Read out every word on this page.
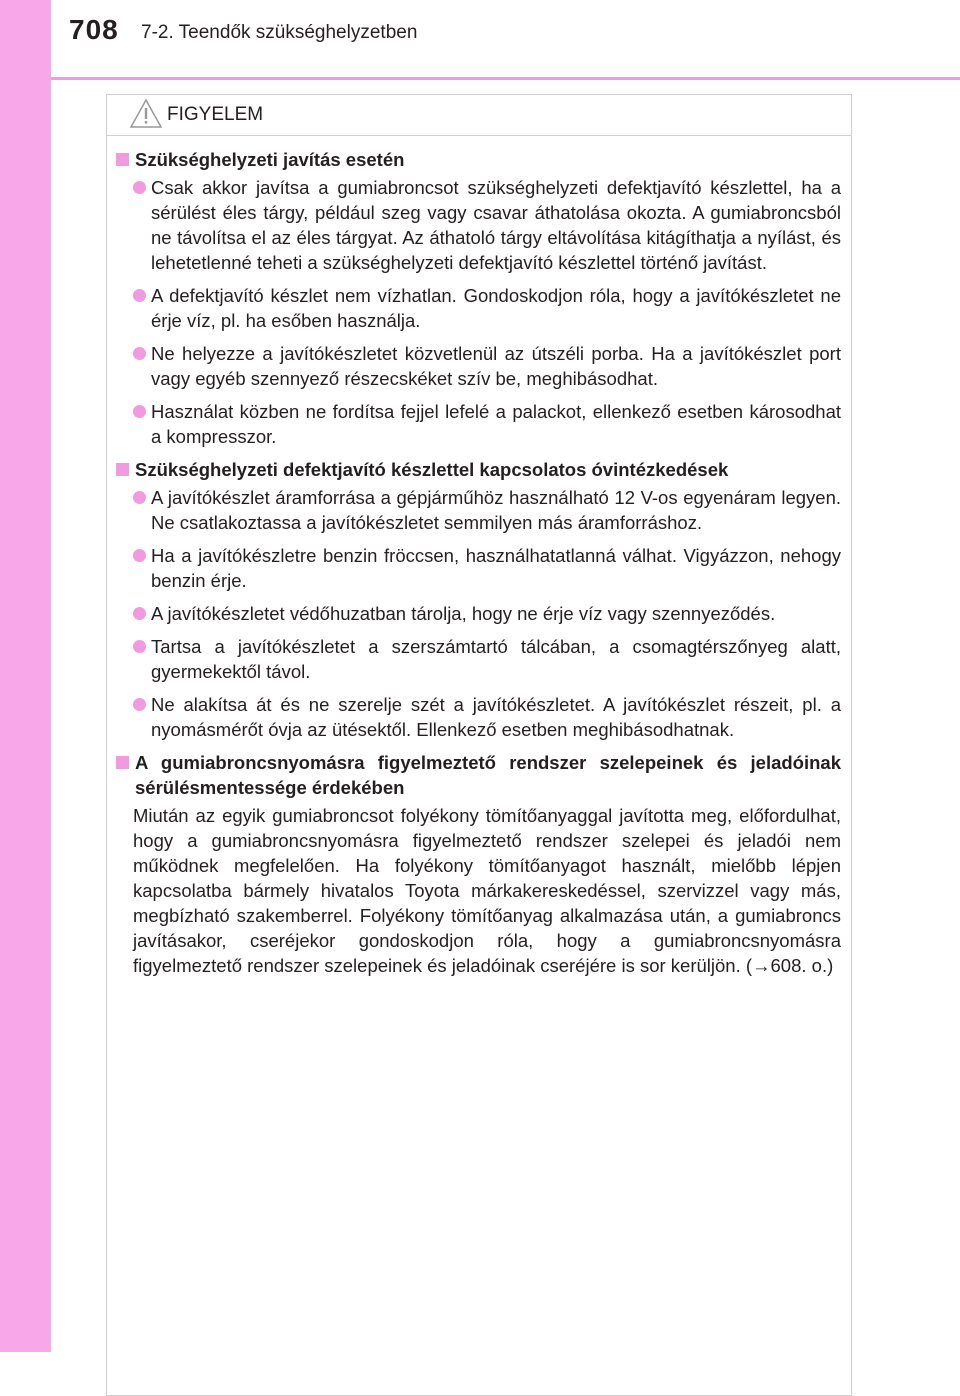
708 7-2. Teendők szükséghelyzetben
FIGYELEM
Szükséghelyzeti javítás esetén
Csak akkor javítsa a gumiabroncsot szükséghelyzeti defektjavító készlettel, ha a sérülést éles tárgy, például szeg vagy csavar áthatolása okozta. A gumiabroncsból ne távolítsa el az éles tárgyat. Az áthatoló tárgy eltávolítása kitágíthatja a nyílást, és lehetetlenné teheti a szükséghelyzeti defektjavító készlettel történő javítást.
A defektjavító készlet nem vízhatlan. Gondoskodjon róla, hogy a javítókészletet ne érje víz, pl. ha esőben használja.
Ne helyezze a javítókészletet közvetlenül az útszéli porba. Ha a javítókészlet port vagy egyéb szennyező részecskéket szív be, meghibásodhat.
Használat közben ne fordítsa fejjel lefelé a palackot, ellenkező esetben károsodhat a kompresszor.
Szükséghelyzeti defektjavító készlettel kapcsolatos óvintézkedések
A javítókészlet áramforrása a gépjárműhöz használható 12 V-os egyenáram legyen. Ne csatlakoztassa a javítókészletet semmilyen más áramforráshoz.
Ha a javítókészletre benzin fröccsen, használhatatlanná válhat. Vigyázzon, nehogy benzin érje.
A javítókészletet védőhuzatban tárolja, hogy ne érje víz vagy szennyeződés.
Tartsa a javítókészletet a szerszámtartó tálcában, a csomagtérszőnyeg alatt, gyermekektől távol.
Ne alakítsa át és ne szerelje szét a javítókészletet. A javítókészlet részeit, pl. a nyomásmérőt óvja az ütésektől. Ellenkező esetben meghibásodhatnak.
A gumiabroncsnyomásra figyelmeztető rendszer szelepeinek és jeladóinak sérülésmentessége érdekében
Miután az egyik gumiabroncsot folyékony tömítőanyaggal javította meg, előfordulhat, hogy a gumiabroncsnyomásra figyelmeztető rendszer szelepei és jeladói nem működnek megfelelően. Ha folyékony tömítőanyagot használt, mielőbb lépjen kapcsolatba bármely hivatalos Toyota márkakereskedéssel, szervizzel vagy más, megbízható szakemberrel. Folyékony tömítőanyag alkalmazása után, a gumiabroncs javításakor, cseréjekor gondoskodjon róla, hogy a gumiabroncsnyomásra figyelmeztető rendszer szelepeinek és jeladóinak cseréjére is sor kerüljön. (→608. o.)
